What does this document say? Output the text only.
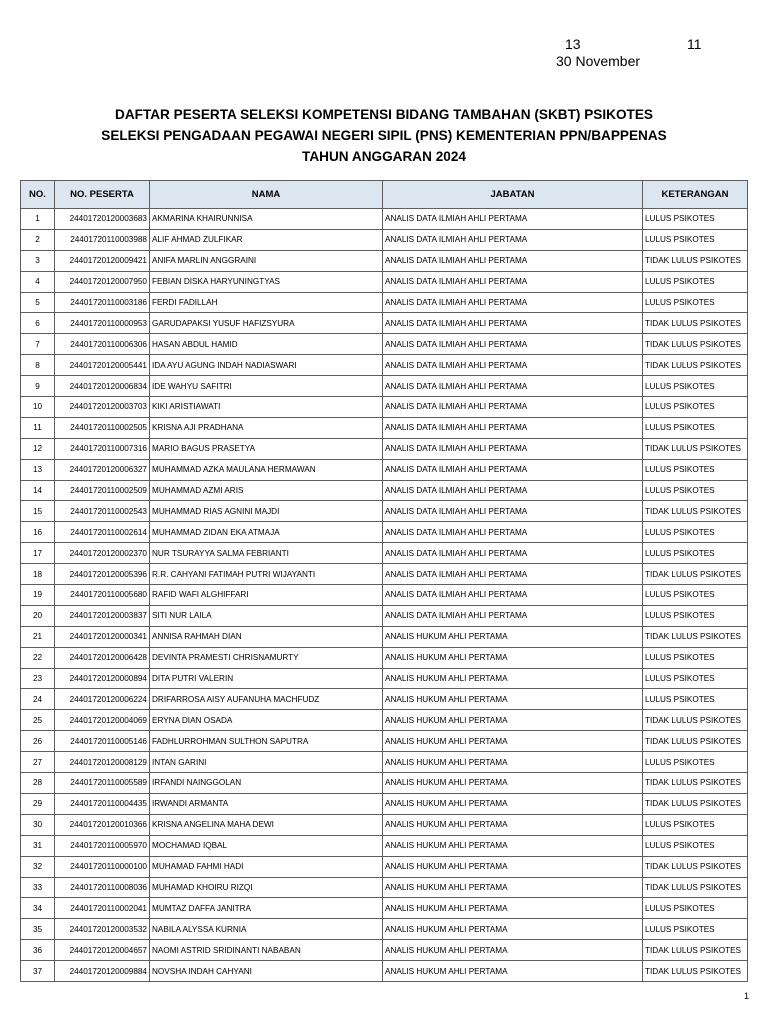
13	11
30 November
DAFTAR PESERTA SELEKSI KOMPETENSI BIDANG TAMBAHAN (SKBT) PSIKOTES
SELEKSI PENGADAAN PEGAWAI NEGERI SIPIL (PNS) KEMENTERIAN PPN/BAPPENAS
TAHUN ANGGARAN 2024
NO.	NO. PESERTA	NAMA	JABATAN	KETERANGAN
1	24401720120003683	AKMARINA KHAIRUNNISA	ANALIS DATA ILMIAH AHLI PERTAMA	LULUS PSIKOTES
2	24401720110003988	ALIF AHMAD ZULFIKAR	ANALIS DATA ILMIAH AHLI PERTAMA	LULUS PSIKOTES
3	24401720120009421	ANIFA MARLIN ANGGRAINI	ANALIS DATA ILMIAH AHLI PERTAMA	TIDAK LULUS PSIKOTES
4	24401720120007950	FEBIAN DISKA HARYUNINGTYAS	ANALIS DATA ILMIAH AHLI PERTAMA	LULUS PSIKOTES
5	24401720110003186	FERDI FADILLAH	ANALIS DATA ILMIAH AHLI PERTAMA	LULUS PSIKOTES
6	24401720110000953	GARUDAPAKSI YUSUF HAFIZSYURA	ANALIS DATA ILMIAH AHLI PERTAMA	TIDAK LULUS PSIKOTES
7	24401720110006306	HASAN ABDUL HAMID	ANALIS DATA ILMIAH AHLI PERTAMA	TIDAK LULUS PSIKOTES
8	24401720120005441	IDA AYU AGUNG INDAH NADIASWARI	ANALIS DATA ILMIAH AHLI PERTAMA	TIDAK LULUS PSIKOTES
9	24401720120006834	IDE WAHYU SAFITRI	ANALIS DATA ILMIAH AHLI PERTAMA	LULUS PSIKOTES
10	24401720120003703	KIKI ARISTIAWATI	ANALIS DATA ILMIAH AHLI PERTAMA	LULUS PSIKOTES
11	24401720110002505	KRISNA AJI PRADHANA	ANALIS DATA ILMIAH AHLI PERTAMA	LULUS PSIKOTES
12	24401720110007316	MARIO BAGUS PRASETYA	ANALIS DATA ILMIAH AHLI PERTAMA	TIDAK LULUS PSIKOTES
13	24401720120006327	MUHAMMAD AZKA MAULANA HERMAWAN	ANALIS DATA ILMIAH AHLI PERTAMA	LULUS PSIKOTES
14	24401720110002509	MUHAMMAD AZMI ARIS	ANALIS DATA ILMIAH AHLI PERTAMA	LULUS PSIKOTES
15	24401720110002543	MUHAMMAD RIAS AGNINI MAJDI	ANALIS DATA ILMIAH AHLI PERTAMA	TIDAK LULUS PSIKOTES
16	24401720110002614	MUHAMMAD ZIDAN EKA ATMAJA	ANALIS DATA ILMIAH AHLI PERTAMA	LULUS PSIKOTES
17	24401720120002370	NUR TSURAYYA SALMA FEBRIANTI	ANALIS DATA ILMIAH AHLI PERTAMA	LULUS PSIKOTES
18	24401720120005396	R.R. CAHYANI FATIMAH PUTRI WIJAYANTI	ANALIS DATA ILMIAH AHLI PERTAMA	TIDAK LULUS PSIKOTES
19	24401720110005680	RAFID WAFI ALGHIFFARI	ANALIS DATA ILMIAH AHLI PERTAMA	LULUS PSIKOTES
20	24401720120003837	SITI NUR LAILA	ANALIS DATA ILMIAH AHLI PERTAMA	LULUS PSIKOTES
21	24401720120000341	ANNISA RAHMAH DIAN	ANALIS HUKUM AHLI PERTAMA	TIDAK LULUS PSIKOTES
22	24401720120006428	DEVINTA PRAMESTI CHRISNAMURTY	ANALIS HUKUM AHLI PERTAMA	LULUS PSIKOTES
23	24401720120000894	DITA PUTRI VALERIN	ANALIS HUKUM AHLI PERTAMA	LULUS PSIKOTES
24	24401720120006224	DRIFARROSA AISY AUFANUHA MACHFUDZ	ANALIS HUKUM AHLI PERTAMA	LULUS PSIKOTES
25	24401720120004069	ERYNA DIAN OSADA	ANALIS HUKUM AHLI PERTAMA	TIDAK LULUS PSIKOTES
26	24401720110005146	FADHLURROHMAN SULTHON SAPUTRA	ANALIS HUKUM AHLI PERTAMA	TIDAK LULUS PSIKOTES
27	24401720120008129	INTAN GARINI	ANALIS HUKUM AHLI PERTAMA	LULUS PSIKOTES
28	24401720110005589	IRFANDI NAINGGOLAN	ANALIS HUKUM AHLI PERTAMA	TIDAK LULUS PSIKOTES
29	24401720110004435	IRWANDI ARMANTA	ANALIS HUKUM AHLI PERTAMA	TIDAK LULUS PSIKOTES
30	24401720120010366	KRISNA ANGELINA MAHA DEWI	ANALIS HUKUM AHLI PERTAMA	LULUS PSIKOTES
31	24401720110005970	MOCHAMAD IQBAL	ANALIS HUKUM AHLI PERTAMA	LULUS PSIKOTES
32	24401720110000100	MUHAMAD FAHMI HADI	ANALIS HUKUM AHLI PERTAMA	TIDAK LULUS PSIKOTES
33	24401720110008036	MUHAMAD KHOIRU RIZQI	ANALIS HUKUM AHLI PERTAMA	TIDAK LULUS PSIKOTES
34	24401720110002041	MUMTAZ DAFFA JANITRA	ANALIS HUKUM AHLI PERTAMA	LULUS PSIKOTES
35	24401720120003532	NABILA ALYSSA KURNIA	ANALIS HUKUM AHLI PERTAMA	LULUS PSIKOTES
36	24401720120004657	NAOMI ASTRID SRIDINANTI NABABAN	ANALIS HUKUM AHLI PERTAMA	TIDAK LULUS PSIKOTES
37	24401720120009884	NOVSHA INDAH CAHYANI	ANALIS HUKUM AHLI PERTAMA	TIDAK LULUS PSIKOTES
1
